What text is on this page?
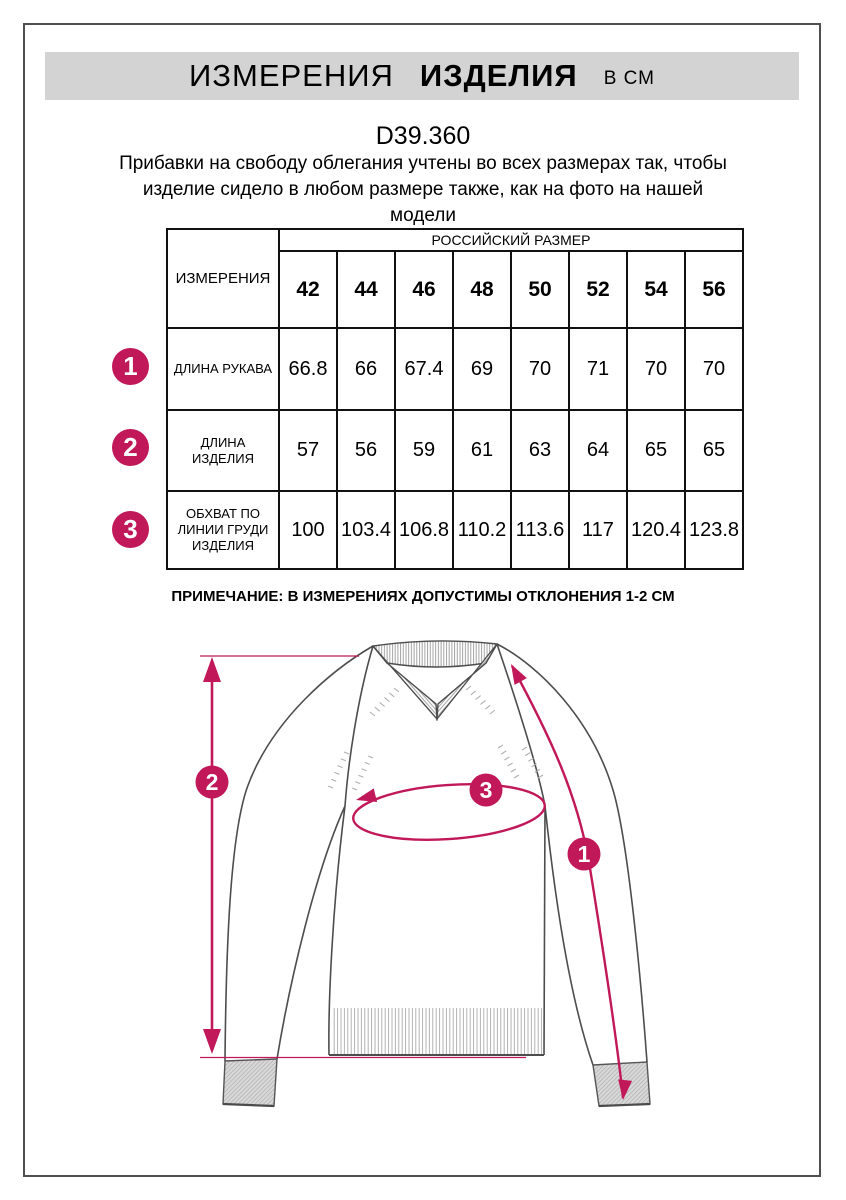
ИЗМЕРЕНИЯ ИЗДЕЛИЯ В СМ
D39.360
Прибавки на свободу облегания учтены во всех размерах так, чтобы
изделие сидело в любом размере также, как на фото на нашей
модели
ИЗМЕРЕНИЯ	РОССИЙСКИЙ РАЗМЕР							
	42	44	46	48	50	52	54	56
ДЛИНА РУКАВА	66.8	66	67.4	69	70	71	70	70
ДЛИНА ИЗДЕЛИЯ	57	56	59	61	63	64	65	65
ОБХВАТ ПО ЛИНИИ ГРУДИ ИЗДЕЛИЯ	100	103.4	106.8	110.2	113.6	117	120.4	123.8
1
2
3
ПРИМЕЧАНИЕ: В ИЗМЕРЕНИЯХ ДОПУСТИМЫ ОТКЛОНЕНИЯ 1-2 СМ
2	3
1
